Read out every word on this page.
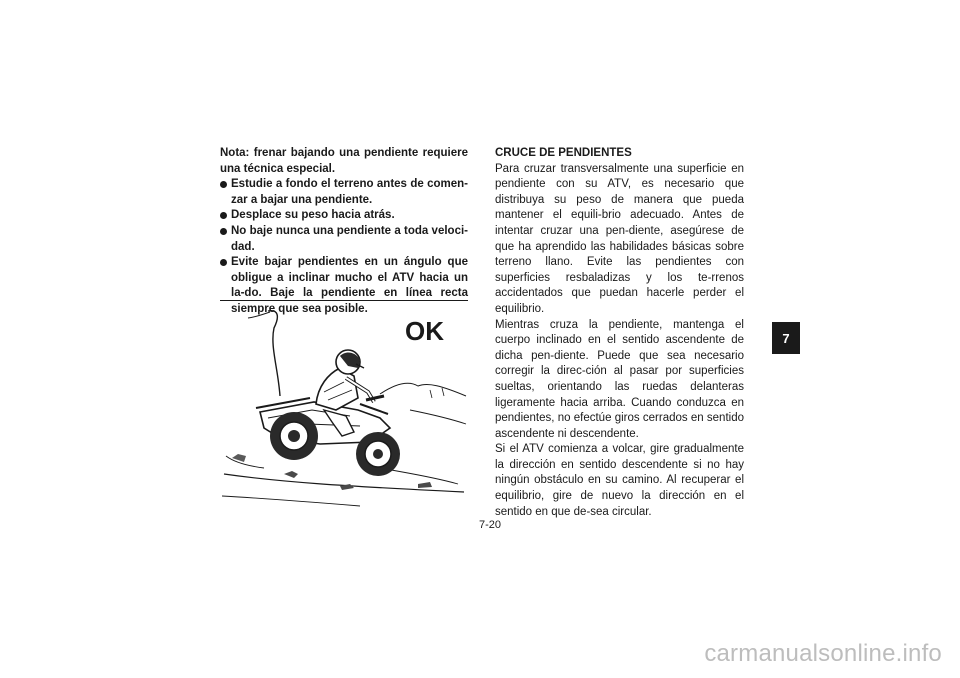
Nota: frenar bajando una pendiente requiere una técnica especial.

Estudie a fondo el terreno antes de comen-zar a bajar una pendiente.
Desplace su peso hacia atrás.
No baje nunca una pendiente a toda veloci-dad.
Evite bajar pendientes en un ángulo que obligue a inclinar mucho el ATV hacia un la-do. Baje la pendiente en línea recta siempre que sea posible.
OK

CRUCE DE PENDIENTES

Para cruzar transversalmente una superficie en pendiente con su ATV, es necesario que distribuya su peso de manera que pueda mantener el equili-brio adecuado. Antes de intentar cruzar una pen-diente, asegúrese de que ha aprendido las habilidades básicas sobre terreno llano. Evite las pendientes con superficies resbaladizas y los te-rrenos accidentados que puedan hacerle perder el equilibrio.

Mientras cruza la pendiente, mantenga el cuerpo inclinado en el sentido ascendente de dicha pen-diente. Puede que sea necesario corregir la direc-ción al pasar por superficies sueltas, orientando las ruedas delanteras ligeramente hacia arriba. Cuando conduzca en pendientes, no efectúe giros cerrados en sentido ascendente ni descendente.

Si el ATV comienza a volcar, gire gradualmente la dirección en sentido descendente si no hay ningún obstáculo en su camino. Al recuperar el equilibrio, gire de nuevo la dirección en el sentido en que de-sea circular.

7
7-20
carmanualsonline.info
